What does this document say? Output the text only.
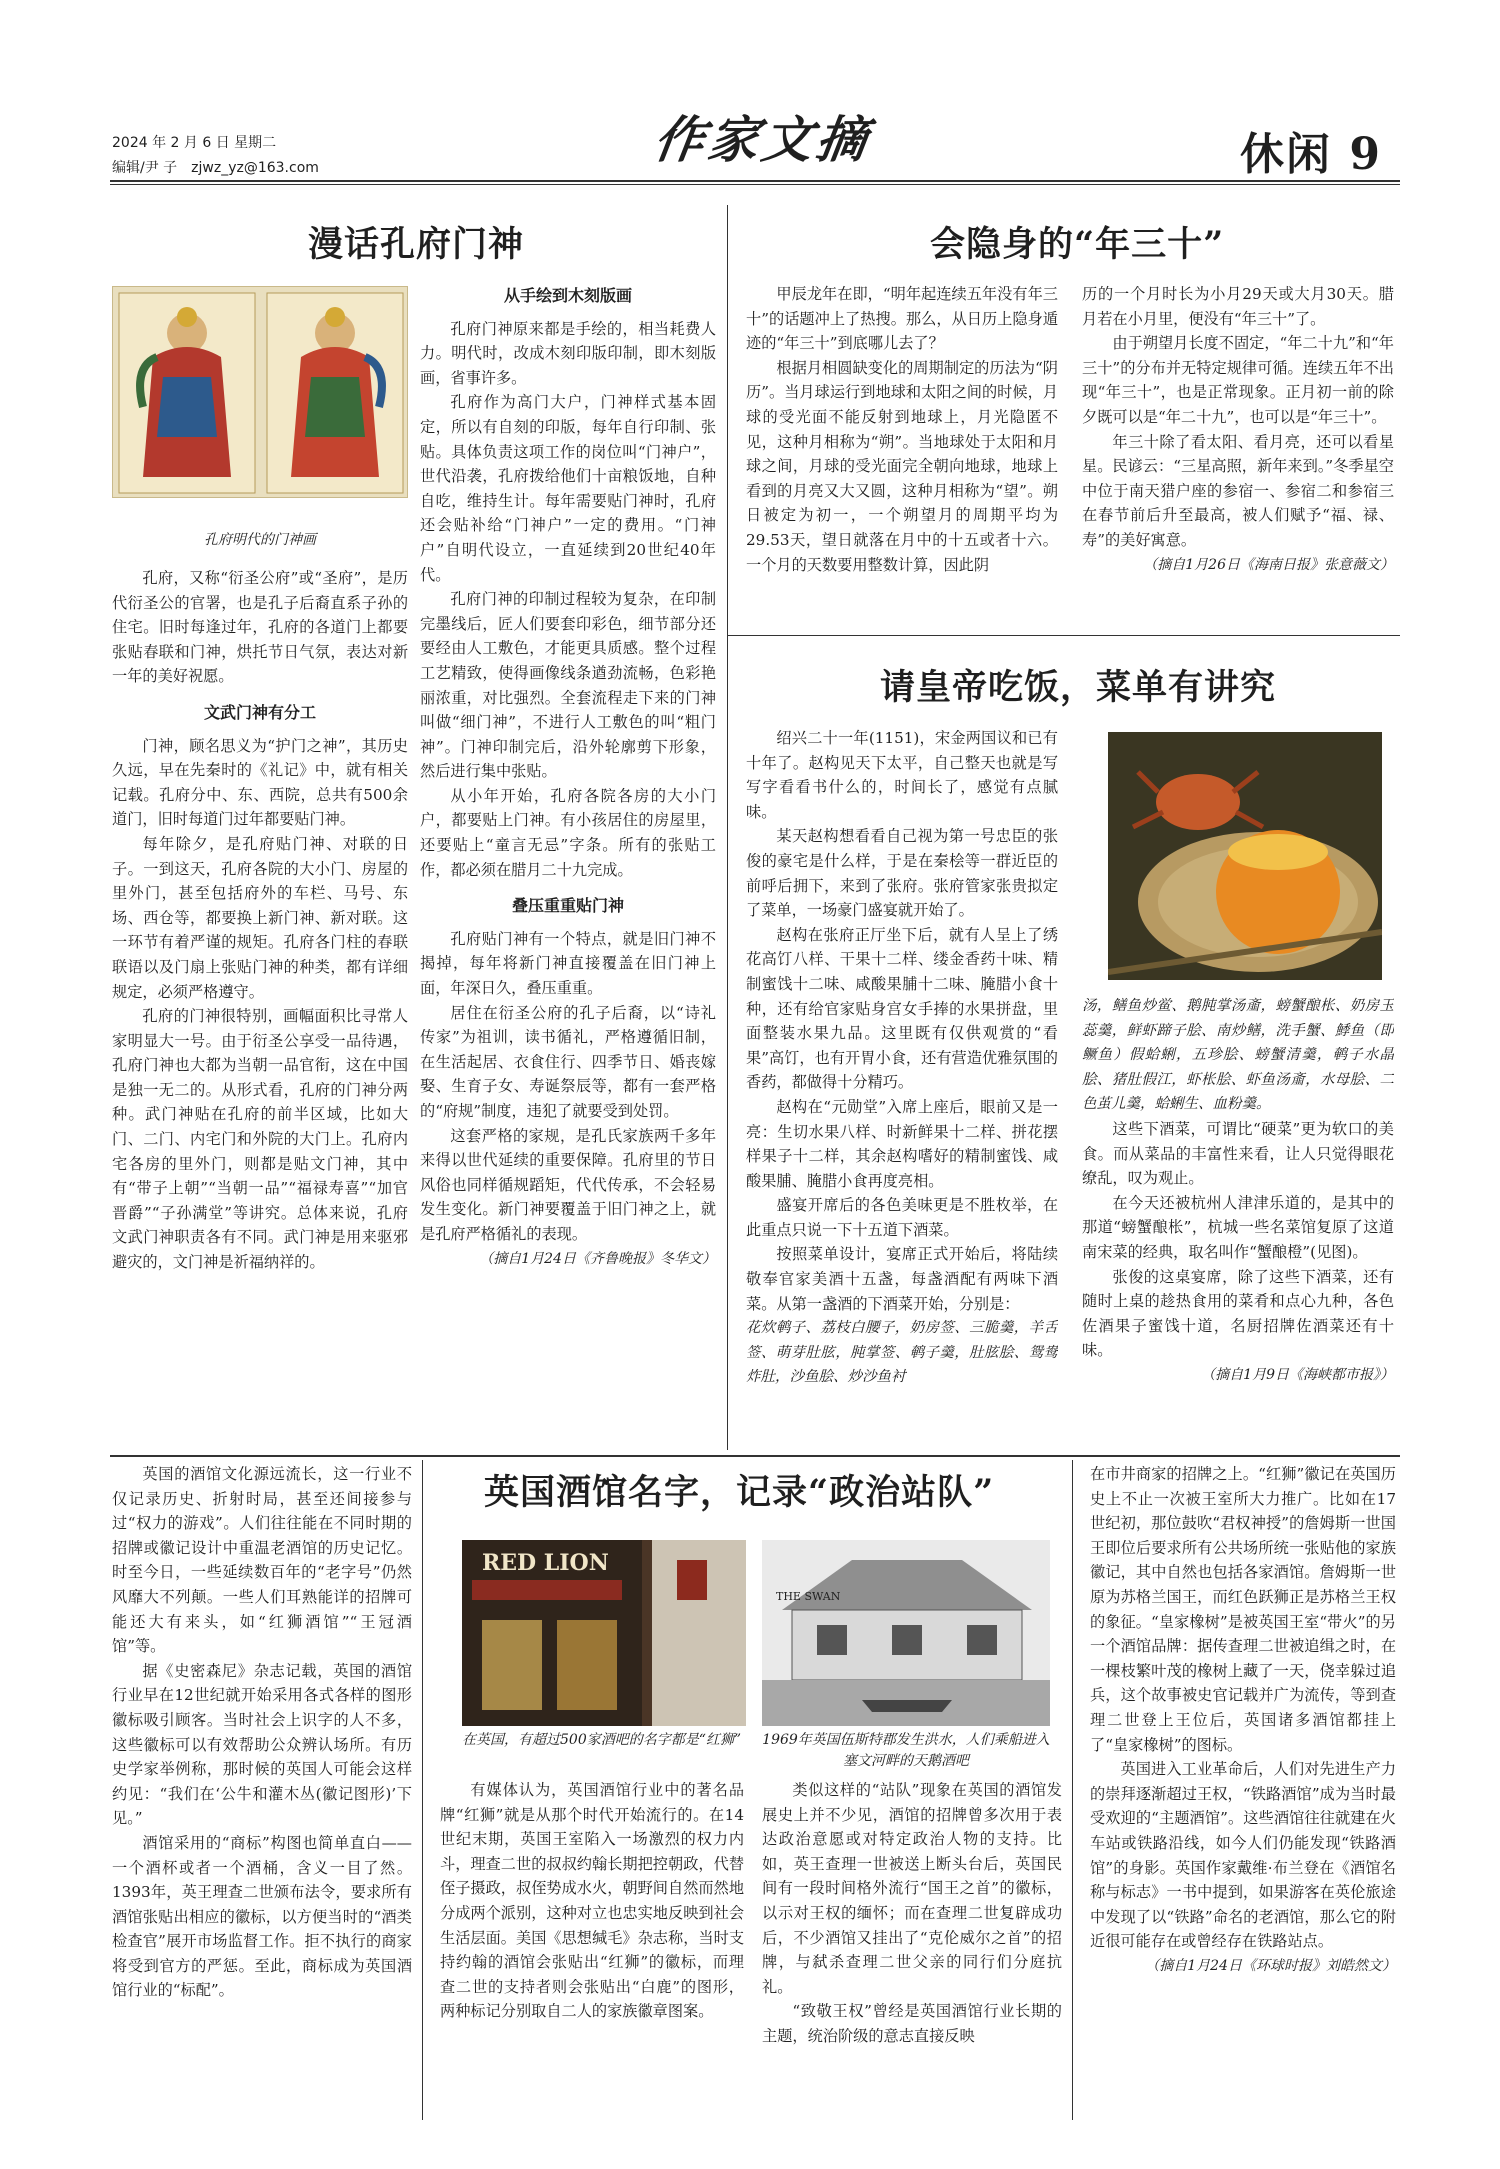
2024 年 2 月 6 日 星期二
编辑/尹 子　zjwz_yz@163.com	作家文摘	休闲 9
漫话孔府门神
孔府明代的门神画

孔府，又称“衍圣公府”或“圣府”，是历代衍圣公的官署，也是孔子后裔直系子孙的住宅。旧时每逢过年，孔府的各道门上都要张贴春联和门神，烘托节日气氛，表达对新一年的美好祝愿。

文武门神有分工

门神，顾名思义为“护门之神”，其历史久远，早在先秦时的《礼记》中，就有相关记载。孔府分中、东、西院，总共有500余道门，旧时每道门过年都要贴门神。

每年除夕，是孔府贴门神、对联的日子。一到这天，孔府各院的大小门、房屋的里外门，甚至包括府外的车栏、马号、东场、西仓等，都要换上新门神、新对联。这一环节有着严谨的规矩。孔府各门柱的春联联语以及门扇上张贴门神的种类，都有详细规定，必须严格遵守。

孔府的门神很特别，画幅面积比寻常人家明显大一号。由于衍圣公享受一品待遇，孔府门神也大都为当朝一品官衔，这在中国是独一无二的。从形式看，孔府的门神分两种。武门神贴在孔府的前半区域，比如大门、二门、内宅门和外院的大门上。孔府内宅各房的里外门，则都是贴文门神，其中有“带子上朝”“当朝一品”“福禄寿喜”“加官晋爵”“子孙满堂”等讲究。总体来说，孔府文武门神职责各有不同。武门神是用来驱邪避灾的，文门神是祈福纳祥的。

从手绘到木刻版画

孔府门神原来都是手绘的，相当耗费人力。明代时，改成木刻印版印制，即木刻版画，省事许多。

孔府作为高门大户，门神样式基本固定，所以有自刻的印版，每年自行印制、张贴。具体负责这项工作的岗位叫“门神户”，世代沿袭，孔府拨给他们十亩粮饭地，自种自吃，维持生计。每年需要贴门神时，孔府还会贴补给“门神户”一定的费用。“门神户”自明代设立，一直延续到20世纪40年代。

孔府门神的印制过程较为复杂，在印制完墨线后，匠人们要套印彩色，细节部分还要经由人工敷色，才能更具质感。整个过程工艺精致，使得画像线条遒劲流畅，色彩艳丽浓重，对比强烈。全套流程走下来的门神叫做“细门神”，不进行人工敷色的叫“粗门神”。门神印制完后，沿外轮廓剪下形象，然后进行集中张贴。

从小年开始，孔府各院各房的大小门户，都要贴上门神。有小孩居住的房屋里，还要贴上“童言无忌”字条。所有的张贴工作，都必须在腊月二十九完成。

叠压重重贴门神

孔府贴门神有一个特点，就是旧门神不揭掉，每年将新门神直接覆盖在旧门神上面，年深日久，叠压重重。

居住在衍圣公府的孔子后裔，以“诗礼传家”为祖训，读书循礼，严格遵循旧制，在生活起居、衣食住行、四季节日、婚丧嫁娶、生育子女、寿诞祭辰等，都有一套严格的“府规”制度，违犯了就要受到处罚。

这套严格的家规，是孔氏家族两千多年来得以世代延续的重要保障。孔府里的节日风俗也同样循规蹈矩，代代传承，不会轻易发生变化。新门神要覆盖于旧门神之上，就是孔府严格循礼的表现。

（摘自1月24日《齐鲁晚报》冬华文）

会隐身的“年三十”

甲辰龙年在即，“明年起连续五年没有年三十”的话题冲上了热搜。那么，从日历上隐身遁迹的“年三十”到底哪儿去了？

根据月相圆缺变化的周期制定的历法为“阴历”。当月球运行到地球和太阳之间的时候，月球的受光面不能反射到地球上，月光隐匿不见，这种月相称为“朔”。当地球处于太阳和月球之间，月球的受光面完全朝向地球，地球上看到的月亮又大又圆，这种月相称为“望”。朔日被定为初一，一个朔望月的周期平均为29.53天，望日就落在月中的十五或者十六。一个月的天数要用整数计算，因此阴

历的一个月时长为小月29天或大月30天。腊月若在小月里，便没有“年三十”了。

由于朔望月长度不固定，“年二十九”和“年三十”的分布并无特定规律可循。连续五年不出现“年三十”，也是正常现象。正月初一前的除夕既可以是“年二十九”，也可以是“年三十”。

年三十除了看太阳、看月亮，还可以看星星。民谚云：“三星高照，新年来到。”冬季星空中位于南天猎户座的参宿一、参宿二和参宿三在春节前后升至最高，被人们赋予“福、禄、寿”的美好寓意。

（摘自1月26日《海南日报》张意薇文）

请皇帝吃饭，菜单有讲究

绍兴二十一年(1151)，宋金两国议和已有十年了。赵构见天下太平，自己整天也就是写写字看看书什么的，时间长了，感觉有点腻味。

某天赵构想看看自己视为第一号忠臣的张俊的豪宅是什么样，于是在秦桧等一群近臣的前呼后拥下，来到了张府。张府管家张贵拟定了菜单，一场豪门盛宴就开始了。

赵构在张府正厅坐下后，就有人呈上了绣花高饤八样、干果十二样、缕金香药十味、精制蜜饯十二味、咸酸果脯十二味、腌腊小食十种，还有给官家贴身宫女手捧的水果拼盘，里面整装水果九品。这里既有仅供观赏的“看果”高饤，也有开胃小食，还有营造优雅氛围的香药，都做得十分精巧。

赵构在“元勋堂”入席上座后，眼前又是一亮：生切水果八样、时新鲜果十二样、拼花摆样果子十二样，其余赵构嗜好的精制蜜饯、咸酸果脯、腌腊小食再度亮相。

盛宴开席后的各色美味更是不胜枚举，在此重点只说一下十五道下酒菜。

按照菜单设计，宴席正式开始后，将陆续敬奉官家美酒十五盏，每盏酒配有两味下酒菜。从第一盏酒的下酒菜开始，分别是：

花炊鹌子、荔枝白腰子，奶房签、三脆羹，羊舌签、萌芽肚胘，肫掌签、鹌子羹，肚胘脍、鸳鸯炸肚，沙鱼脍、炒沙鱼衬

汤，鳝鱼炒鲎、鹅肫掌汤齑，螃蟹酿枨、奶房玉蕊羹，鲜虾蹄子脍、南炒鳝，洗手蟹、鯚鱼（即鳜鱼）假蛤蜊，五珍脍、螃蟹清羹，鹌子水晶脍、猪肚假江，虾枨脍、虾鱼汤齑，水母脍、二色茧儿羹，蛤蜊生、血粉羹。

这些下酒菜，可谓比“硬菜”更为软口的美食。而从菜品的丰富性来看，让人只觉得眼花缭乱，叹为观止。

在今天还被杭州人津津乐道的，是其中的那道“螃蟹酿枨”，杭城一些名菜馆复原了这道南宋菜的经典，取名叫作“蟹酿橙”(见图)。

张俊的这桌宴席，除了这些下酒菜，还有随时上桌的趁热食用的菜肴和点心九种，各色佐酒果子蜜饯十道，名厨招牌佐酒菜还有十味。

（摘自1月9日《海峡都市报》）

英国酒馆名字，记录“政治站队”

英国的酒馆文化源远流长，这一行业不仅记录历史、折射时局，甚至还间接参与过“权力的游戏”。人们往往能在不同时期的招牌或徽记设计中重温老酒馆的历史记忆。时至今日，一些延续数百年的“老字号”仍然风靡大不列颠。一些人们耳熟能详的招牌可能还大有来头，如“红狮酒馆”“王冠酒馆”等。

据《史密森尼》杂志记载，英国的酒馆行业早在12世纪就开始采用各式各样的图形徽标吸引顾客。当时社会上识字的人不多，这些徽标可以有效帮助公众辨认场所。有历史学家举例称，那时候的英国人可能会这样约见：“我们在‘公牛和灌木丛(徽记图形)’下见。”

酒馆采用的“商标”构图也简单直白——一个酒杯或者一个酒桶，含义一目了然。1393年，英王理查二世颁布法令，要求所有酒馆张贴出相应的徽标，以方便当时的“酒类检查官”展开市场监督工作。拒不执行的商家将受到官方的严惩。至此，商标成为英国酒馆行业的“标配”。

RED LION
在英国，有超过500家酒吧的名字都是“红狮”
THE SWAN
1969年英国伍斯特郡发生洪水，人们乘船进入塞文河畔的天鹅酒吧

有媒体认为，英国酒馆行业中的著名品牌“红狮”就是从那个时代开始流行的。在14世纪末期，英国王室陷入一场激烈的权力内斗，理查二世的叔叔约翰长期把控朝政，代替侄子摄政，叔侄势成水火，朝野间自然而然地分成两个派别，这种对立也忠实地反映到社会生活层面。美国《思想缄毛》杂志称，当时支持约翰的酒馆会张贴出“红狮”的徽标，而理查二世的支持者则会张贴出“白鹿”的图形，两种标记分别取自二人的家族徽章图案。

类似这样的“站队”现象在英国的酒馆发展史上并不少见，酒馆的招牌曾多次用于表达政治意愿或对特定政治人物的支持。比如，英王查理一世被送上断头台后，英国民间有一段时间格外流行“国王之首”的徽标，以示对王权的缅怀；而在查理二世复辟成功后，不少酒馆又挂出了“克伦威尔之首”的招牌，与弑杀查理二世父亲的同行们分庭抗礼。

“致敬王权”曾经是英国酒馆行业长期的主题，统治阶级的意志直接反映

在市井商家的招牌之上。“红狮”徽记在英国历史上不止一次被王室所大力推广。比如在17世纪初，那位鼓吹“君权神授”的詹姆斯一世国王即位后要求所有公共场所统一张贴他的家族徽记，其中自然也包括各家酒馆。詹姆斯一世原为苏格兰国王，而红色跃狮正是苏格兰王权的象征。“皇家橡树”是被英国王室“带火”的另一个酒馆品牌：据传查理二世被追缉之时，在一棵枝繁叶茂的橡树上藏了一天，侥幸躲过追兵，这个故事被史官记载并广为流传，等到查理二世登上王位后，英国诸多酒馆都挂上了“皇家橡树”的图标。

英国进入工业革命后，人们对先进生产力的崇拜逐渐超过王权，“铁路酒馆”成为当时最受欢迎的“主题酒馆”。这些酒馆往往就建在火车站或铁路沿线，如今人们仍能发现“铁路酒馆”的身影。英国作家戴维·布兰登在《酒馆名称与标志》一书中提到，如果游客在英伦旅途中发现了以“铁路”命名的老酒馆，那么它的附近很可能存在或曾经存在铁路站点。

（摘自1月24日《环球时报》刘皓然文）
